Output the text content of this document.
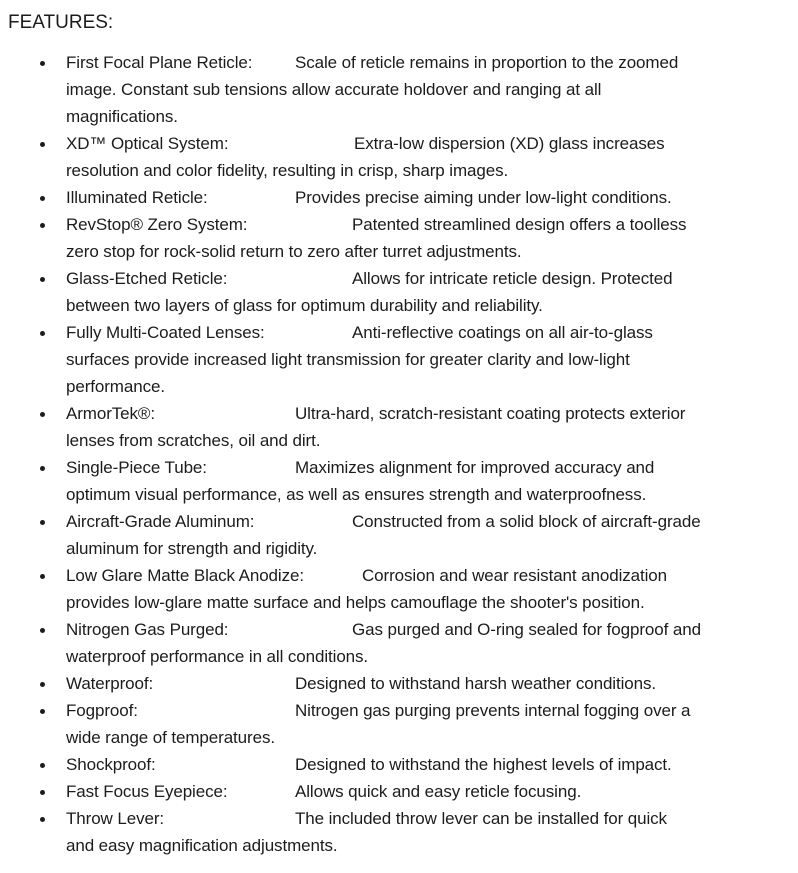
FEATURES:
First Focal Plane Reticle:	Scale of reticle remains in proportion to the zoomed
image. Constant sub tensions allow accurate holdover and ranging at all
magnifications.
XD™ Optical System:	Extra-low dispersion (XD) glass increases
resolution and color fidelity, resulting in crisp, sharp images.
Illuminated Reticle:	Provides precise aiming under low-light conditions.
RevStop® Zero System:	Patented streamlined design offers a toolless
zero stop for rock-solid return to zero after turret adjustments.
Glass-Etched Reticle:	Allows for intricate reticle design. Protected
between two layers of glass for optimum durability and reliability.
Fully Multi-Coated Lenses:	Anti-reflective coatings on all air-to-glass
surfaces provide increased light transmission for greater clarity and low-light
performance.
ArmorTek®:	Ultra-hard, scratch-resistant coating protects exterior
lenses from scratches, oil and dirt.
Single-Piece Tube:	Maximizes alignment for improved accuracy and
optimum visual performance, as well as ensures strength and waterproofness.
Aircraft-Grade Aluminum:	Constructed from a solid block of aircraft-grade
aluminum for strength and rigidity.
Low Glare Matte Black Anodize:	Corrosion and wear resistant anodization
provides low-glare matte surface and helps camouflage the shooter's position.
Nitrogen Gas Purged:	Gas purged and O-ring sealed for fogproof and
waterproof performance in all conditions.
Waterproof:	Designed to withstand harsh weather conditions.
Fogproof:	Nitrogen gas purging prevents internal fogging over a
wide range of temperatures.
Shockproof:	Designed to withstand the highest levels of impact.
Fast Focus Eyepiece:	Allows quick and easy reticle focusing.
Throw Lever:	The included throw lever can be installed for quick
and easy magnification adjustments.
